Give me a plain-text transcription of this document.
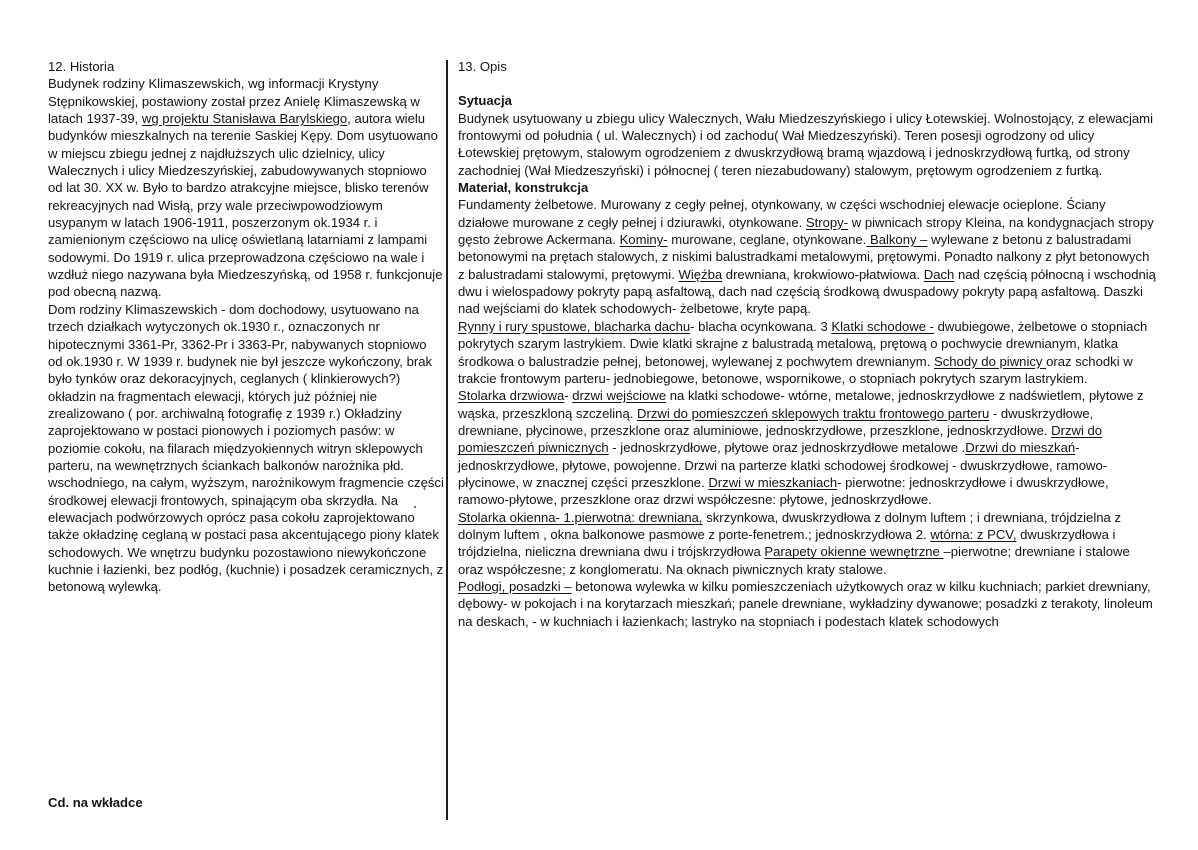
12. Historia

Budynek rodziny Klimaszewskich, wg informacji Krystyny Stępnikowskiej, postawiony został przez Anielę Klimaszewską w latach 1937-39, wg projektu Stanisława Barylskiego, autora wielu budynków mieszkalnych na terenie Saskiej Kępy. Dom usytuowano w miejscu zbiegu jednej z najdłuższych ulic dzielnicy, ulicy Walecznych i ulicy Miedzeszyńskiej, zabudowywanych stopniowo od lat 30. XX w. Było to bardzo atrakcyjne miejsce, blisko terenów rekreacyjnych nad Wisłą, przy wale przeciwpowodziowym usypanym w latach 1906-1911, poszerzonym ok.1934 r. i zamienionym częściowo na ulicę oświetlaną latarniami z lampami sodowymi. Do 1919 r. ulica przeprowadzona częściowo na wale i wzdłuż niego nazywana była Miedzeszyńską, od 1958 r. funkcjonuje pod obecną nazwą.

Dom rodziny Klimaszewskich - dom dochodowy, usytuowano na trzech działkach wytyczonych ok.1930 r., oznaczonych nr hipotecznymi 3361-Pr, 3362-Pr i 3363-Pr, nabywanych stopniowo od ok.1930 r. W 1939 r. budynek nie był jeszcze wykończony, brak było tynków oraz dekoracyjnych, ceglanych ( klinkierowych?) okładzin na fragmentach elewacji, których już później nie zrealizowano ( por. archiwalną fotografię z 1939 r.) Okładziny zaprojektowano w postaci pionowych i poziomych pasów: w poziomie cokołu, na filarach międzyokiennych witryn sklepowych parteru, na wewnętrznych ściankach balkonów narożnika płd. wschodniego, na całym, wyższym, narożnikowym fragmencie części środkowej elewacji frontowych, spinającym oba skrzydła. Na elewacjach podwórzowych oprócz pasa cokołu zaprojektowano także okładzinę ceglaną w postaci pasa akcentującego piony klatek schodowych. We wnętrzu budynku pozostawiono niewykończone kuchnie i łazienki, bez podłóg, (kuchnie) i posadzek ceramicznych, z betonową wylewką.

Cd. na wkładce

13. Opis

Sytuacja

Budynek usytuowany u zbiegu ulicy Walecznych, Wału Miedzeszyńskiego i ulicy Łotewskiej. Wolnostojący, z elewacjami frontowymi od południa ( ul. Walecznych) i od zachodu( Wał Miedzeszyński). Teren posesji ogrodzony od ulicy Łotewskiej prętowym, stalowym ogrodzeniem z dwuskrzydłową bramą wjazdową i jednoskrzydłową furtką, od strony zachodniej (Wał Miedzeszyński) i północnej ( teren niezabudowany) stalowym, prętowym ogrodzeniem z furtką.

Materiał, konstrukcja

Fundamenty żelbetowe. Murowany z cegły pełnej, otynkowany, w części wschodniej elewacje ocieplone. Ściany działowe murowane z cegły pełnej i dziurawki, otynkowane. Stropy- w piwnicach stropy Kleina, na kondygnacjach stropy gęsto żebrowe Ackermana. Kominy- murowane, ceglane, otynkowane. Balkony – wylewane z betonu z balustradami betonowymi na prętach stalowych, z niskimi balustradkami metalowymi, prętowymi. Ponadto nalkony z płyt betonowych z balustradami stalowymi, prętowymi. Więźba drewniana, krokwiowo-płatwiowa. Dach nad częścią północną i wschodnią dwu i wielospadowy pokryty papą asfaltową, dach nad częścią środkową dwuspadowy pokryty papą asfaltową. Daszki nad wejściami do klatek schodowych- żelbetowe, kryte papą.
Rynny i rury spustowe, blacharka dachu- blacha ocynkowana. 3 Klatki schodowe - dwubiegowe, żelbetowe o stopniach pokrytych szarym lastrykiem. Dwie klatki skrajne z balustradą metalową, prętową o pochwycie drewnianym, klatka środkowa o balustradzie pełnej, betonowej, wylewanej z pochwytem drewnianym. Schody do piwnicy oraz schodki w trakcie frontowym parteru- jednobiegowe, betonowe, wspornikowe, o stopniach pokrytych szarym lastrykiem.
Stolarka drzwiowa- drzwi wejściowe na klatki schodowe- wtórne, metalowe, jednoskrzydłowe z nadświetlem, płytowe z wąska, przeszkloną szczeliną. Drzwi do pomieszczeń sklepowych traktu frontowego parteru - dwuskrzydłowe, drewniane, płycinowe, przeszklone oraz aluminiowe, jednoskrzydłowe, przeszklone, jednoskrzydłowe. Drzwi do pomieszczeń piwnicznych - jednoskrzydłowe, płytowe oraz jednoskrzydłowe metalowe .Drzwi do mieszkań- jednoskrzydłowe, płytowe, powojenne. Drzwi na parterze klatki schodowej środkowej - dwuskrzydłowe, ramowo-płycinowe, w znacznej części przeszklone. Drzwi w mieszkaniach- pierwotne: jednoskrzydłowe i dwuskrzydłowe, ramowo-płytowe, przeszklone oraz drzwi współczesne: płytowe, jednoskrzydłowe.
Stolarka okienna- 1.pierwotna: drewniana, skrzynkowa, dwuskrzydłowa z dolnym luftem ; i drewniana, trójdzielna z dolnym luftem , okna balkonowe pasmowe z porte-fenetrem.; jednoskrzydłowa 2. wtórna: z PCV, dwuskrzydłowa i trójdzielna, nieliczna drewniana dwu i trójskrzydłowa Parapety okienne wewnętrzne –pierwotne; drewniane i stalowe oraz współczesne; z konglomeratu. Na oknach piwnicznych kraty stalowe.
Podłogi, posadzki – betonowa wylewka w kilku pomieszczeniach użytkowych oraz w kilku kuchniach; parkiet drewniany, dębowy- w pokojach i na korytarzach mieszkań; panele drewniane, wykładziny dywanowe; posadzki z terakoty, linoleum na deskach, - w kuchniach i łazienkach; lastryko na stopniach i podestach klatek schodowych
